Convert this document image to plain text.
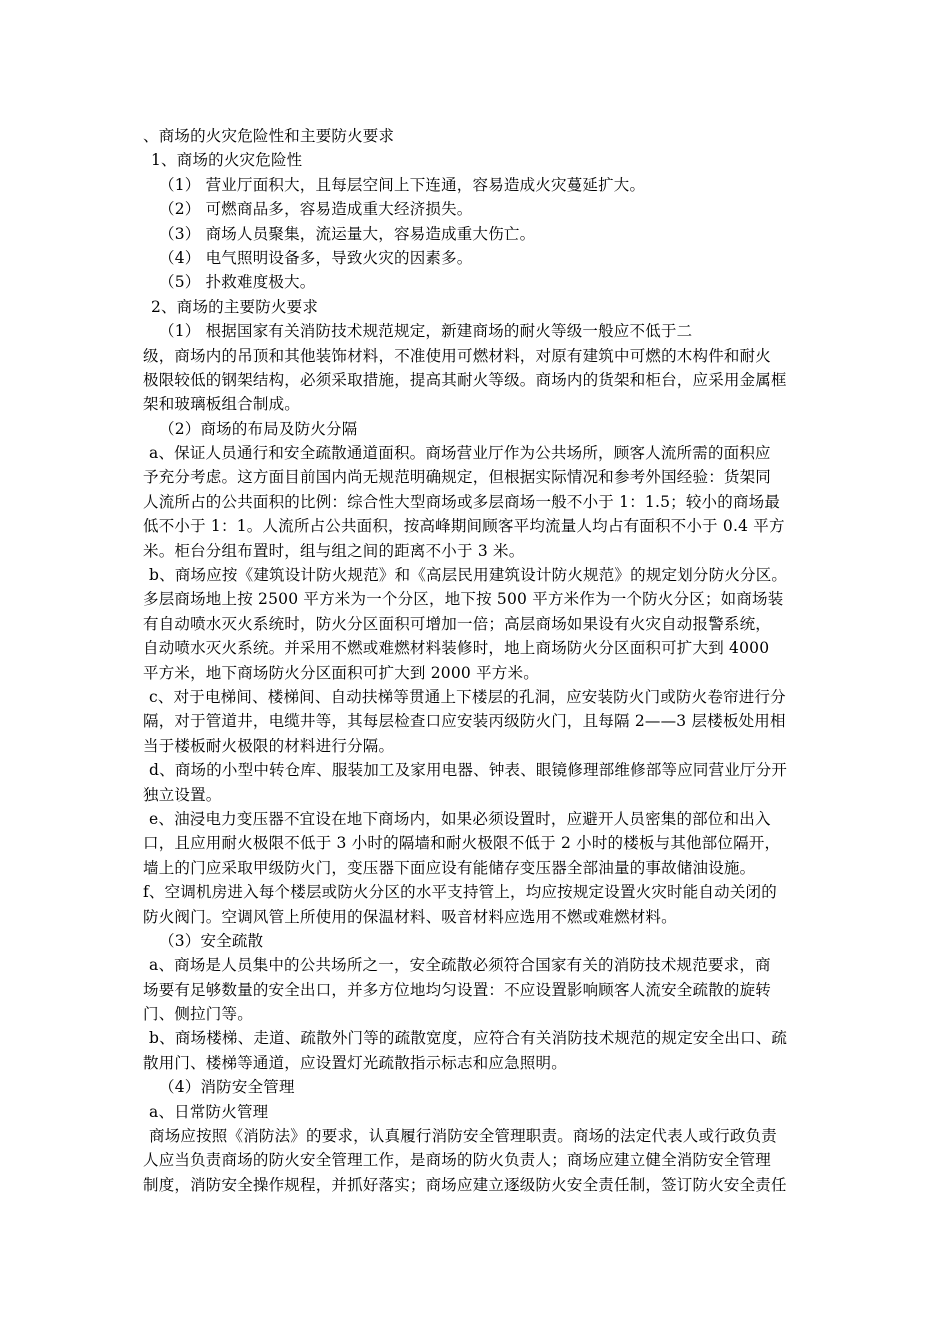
、商场的火灾危险性和主要防火要求
1、商场的火灾危险性
（1） 营业厅面积大，且每层空间上下连通，容易造成火灾蔓延扩大。
（2） 可燃商品多，容易造成重大经济损失。
（3） 商场人员聚集，流运量大，容易造成重大伤亡。
（4） 电气照明设备多，导致火灾的因素多。
（5） 扑救难度极大。
2、商场的主要防火要求
（1） 根据国家有关消防技术规范规定，新建商场的耐火等级一般应不低于二
级，商场内的吊顶和其他装饰材料，不准使用可燃材料，对原有建筑中可燃的木构件和耐火
极限较低的钢架结构，必须采取措施，提高其耐火等级。商场内的货架和柜台，应采用金属框
架和玻璃板组合制成。
（2）商场的布局及防火分隔
a、保证人员通行和安全疏散通道面积。商场营业厅作为公共场所，顾客人流所需的面积应
予充分考虑。这方面目前国内尚无规范明确规定，但根据实际情况和参考外国经验：货架同
人流所占的公共面积的比例：综合性大型商场或多层商场一般不小于 1：1.5；较小的商场最
低不小于 1：1。人流所占公共面积，按高峰期间顾客平均流量人均占有面积不小于 0.4 平方
米。柜台分组布置时，组与组之间的距离不小于 3 米。
b、商场应按《建筑设计防火规范》和《高层民用建筑设计防火规范》的规定划分防火分区。
多层商场地上按 2500 平方米为一个分区，地下按 500 平方米作为一个防火分区；如商场装
有自动喷水灭火系统时，防火分区面积可增加一倍；高层商场如果设有火灾自动报警系统，
自动喷水灭火系统。并采用不燃或难燃材料装修时，地上商场防火分区面积可扩大到 4000
平方米，地下商场防火分区面积可扩大到 2000 平方米。
c、对于电梯间、楼梯间、自动扶梯等贯通上下楼层的孔洞，应安装防火门或防火卷帘进行分
隔，对于管道井，电缆井等，其每层检查口应安装丙级防火门，且每隔 2——3 层楼板处用相
当于楼板耐火极限的材料进行分隔。
d、商场的小型中转仓库、服装加工及家用电器、钟表、眼镜修理部维修部等应同营业厅分开
独立设置。
e、油浸电力变压器不宜设在地下商场内，如果必须设置时，应避开人员密集的部位和出入
口，且应用耐火极限不低于 3 小时的隔墙和耐火极限不低于 2 小时的楼板与其他部位隔开，
墙上的门应采取甲级防火门，变压器下面应设有能储存变压器全部油量的事故储油设施。
f、空调机房进入每个楼层或防火分区的水平支持管上，均应按规定设置火灾时能自动关闭的
防火阀门。空调风管上所使用的保温材料、吸音材料应选用不燃或难燃材料。
（3）安全疏散
a、商场是人员集中的公共场所之一，安全疏散必须符合国家有关的消防技术规范要求，商
场要有足够数量的安全出口，并多方位地均匀设置：不应设置影响顾客人流安全疏散的旋转
门、侧拉门等。
b、商场楼梯、走道、疏散外门等的疏散宽度，应符合有关消防技术规范的规定安全出口、疏
散用门、楼梯等通道，应设置灯光疏散指示标志和应急照明。
（4）消防安全管理
a、日常防火管理
商场应按照《消防法》的要求，认真履行消防安全管理职责。商场的法定代表人或行政负责
人应当负责商场的防火安全管理工作，是商场的防火负责人；商场应建立健全消防安全管理
制度，消防安全操作规程，并抓好落实；商场应建立逐级防火安全责任制，签订防火安全责任
